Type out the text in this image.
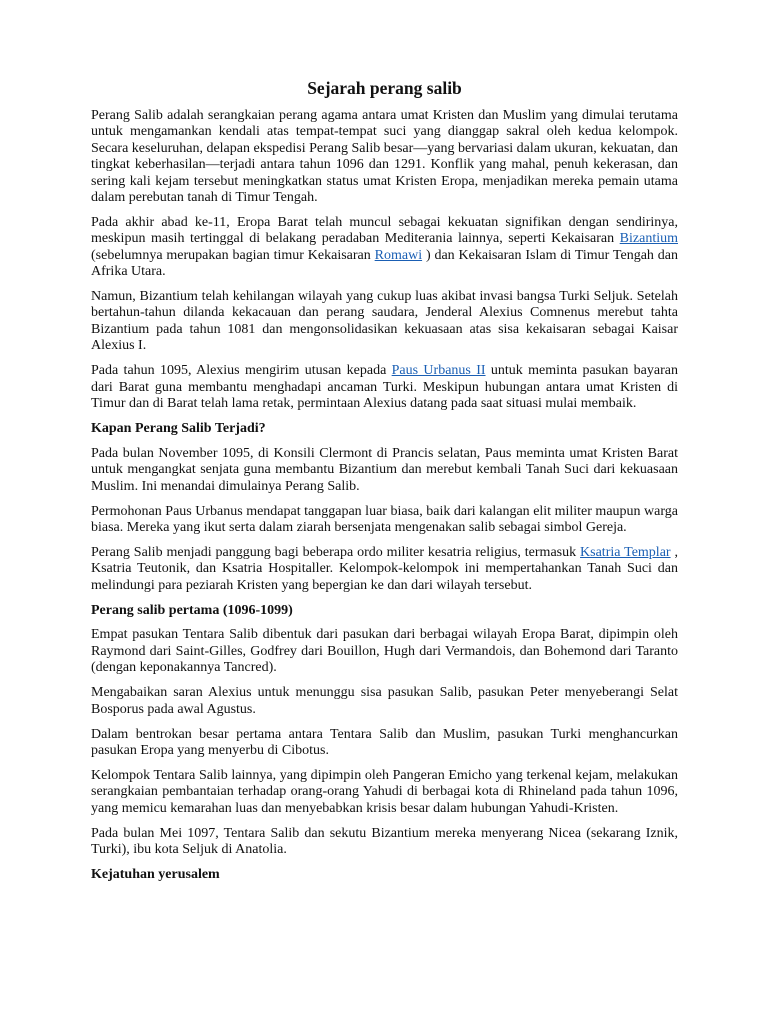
Sejarah perang salib

Perang Salib adalah serangkaian perang agama antara umat Kristen dan Muslim yang dimulai terutama untuk mengamankan kendali atas tempat-tempat suci yang dianggap sakral oleh kedua kelompok. Secara keseluruhan, delapan ekspedisi Perang Salib besar—yang bervariasi dalam ukuran, kekuatan, dan tingkat keberhasilan—terjadi antara tahun 1096 dan 1291. Konflik yang mahal, penuh kekerasan, dan sering kali kejam tersebut meningkatkan status umat Kristen Eropa, menjadikan mereka pemain utama dalam perebutan tanah di Timur Tengah.

Pada akhir abad ke-11, Eropa Barat telah muncul sebagai kekuatan signifikan dengan sendirinya, meskipun masih tertinggal di belakang peradaban Mediterania lainnya, seperti Kekaisaran Bizantium (sebelumnya merupakan bagian timur Kekaisaran Romawi ) dan Kekaisaran Islam di Timur Tengah dan Afrika Utara.

Namun, Bizantium telah kehilangan wilayah yang cukup luas akibat invasi bangsa Turki Seljuk. Setelah bertahun-tahun dilanda kekacauan dan perang saudara, Jenderal Alexius Comnenus merebut tahta Bizantium pada tahun 1081 dan mengonsolidasikan kekuasaan atas sisa kekaisaran sebagai Kaisar Alexius I.

Pada tahun 1095, Alexius mengirim utusan kepada Paus Urbanus II untuk meminta pasukan bayaran dari Barat guna membantu menghadapi ancaman Turki. Meskipun hubungan antara umat Kristen di Timur dan di Barat telah lama retak, permintaan Alexius datang pada saat situasi mulai membaik.

Kapan Perang Salib Terjadi?

Pada bulan November 1095, di Konsili Clermont di Prancis selatan, Paus meminta umat Kristen Barat untuk mengangkat senjata guna membantu Bizantium dan merebut kembali Tanah Suci dari kekuasaan Muslim. Ini menandai dimulainya Perang Salib.

Permohonan Paus Urbanus mendapat tanggapan luar biasa, baik dari kalangan elit militer maupun warga biasa. Mereka yang ikut serta dalam ziarah bersenjata mengenakan salib sebagai simbol Gereja.

Perang Salib menjadi panggung bagi beberapa ordo militer kesatria religius, termasuk Ksatria Templar , Ksatria Teutonik, dan Ksatria Hospitaller. Kelompok-kelompok ini mempertahankan Tanah Suci dan melindungi para peziarah Kristen yang bepergian ke dan dari wilayah tersebut.

Perang salib pertama (1096-1099)

Empat pasukan Tentara Salib dibentuk dari pasukan dari berbagai wilayah Eropa Barat, dipimpin oleh Raymond dari Saint-Gilles, Godfrey dari Bouillon, Hugh dari Vermandois, dan Bohemond dari Taranto (dengan keponakannya Tancred).

Mengabaikan saran Alexius untuk menunggu sisa pasukan Salib, pasukan Peter menyeberangi Selat Bosporus pada awal Agustus.

Dalam bentrokan besar pertama antara Tentara Salib dan Muslim, pasukan Turki menghancurkan pasukan Eropa yang menyerbu di Cibotus.

Kelompok Tentara Salib lainnya, yang dipimpin oleh Pangeran Emicho yang terkenal kejam, melakukan serangkaian pembantaian terhadap orang-orang Yahudi di berbagai kota di Rhineland pada tahun 1096, yang memicu kemarahan luas dan menyebabkan krisis besar dalam hubungan Yahudi-Kristen.

Pada bulan Mei 1097, Tentara Salib dan sekutu Bizantium mereka menyerang Nicea (sekarang Iznik, Turki), ibu kota Seljuk di Anatolia.

Kejatuhan yerusalem
